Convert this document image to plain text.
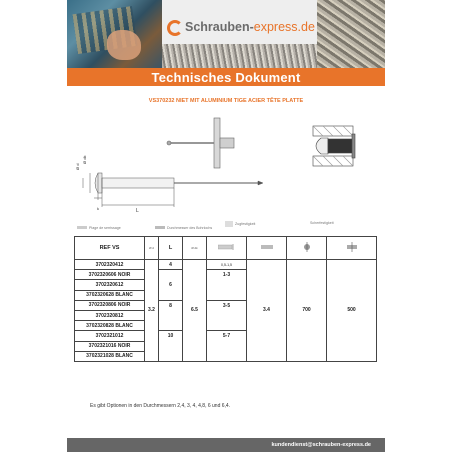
Schrauben-express.de
Technisches Dokument
VS370232 NIET MIT ALUMINIUM TIGE ACIER TÊTE PLATTE
Ø d
Ø dk
k	L
Plage de serrissage	Durchmesser des Bohrlochs
Zugfestigkeit	Scherfestigkeit
REF VS	Ø d	L	Ø dk				
3702320412	3.2	4	6.5	0,5-1,5	3.4	700	500
3702320606 NOIR		6		1-3			
3702320612							
3702320628 BLANC							
3702320806 NOIR		8		3-5			
3702320812							
3702320828 BLANC							
3702321012		10		5-7			
3702321016 NOIR							
3702321028 BLANC							
Es gibt Optionen in den Durchmessern 2,4, 3, 4, 4,8, 6 und 6,4.
kundendienst@schrauben-express.de
